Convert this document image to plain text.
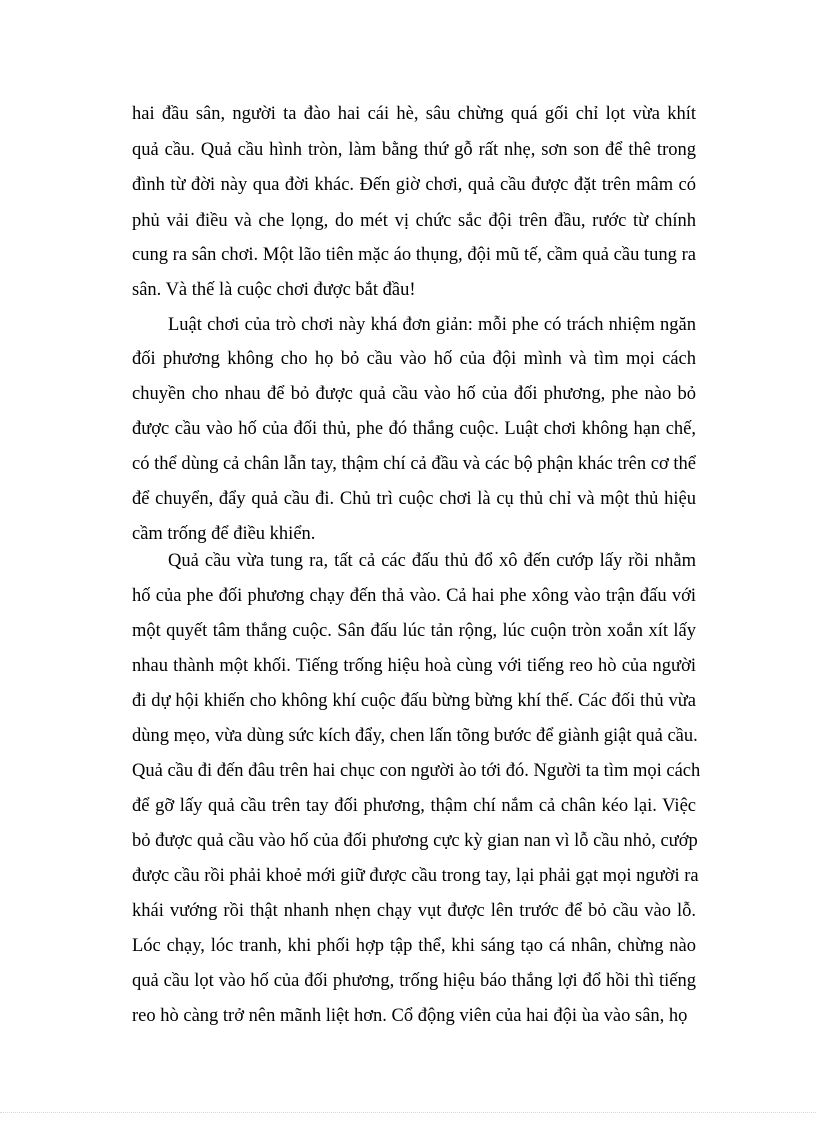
hai đầu sân, người ta đào hai cái hè, sâu chừng quá gối chỉ lọt vừa khít
quả cầu. Quả cầu hình tròn, làm bằng thứ gỗ rất nhẹ, sơn son để thê trong
đình từ đời này qua đời khác. Đến giờ chơi, quả cầu được đặt trên mâm có
phủ vải điều và che lọng, do mét vị chức sắc đội trên đầu, rước từ chính
cung ra sân chơi. Một lão tiên mặc áo thụng, đội mũ tế, cầm quả cầu tung ra
sân. Và thế là cuộc chơi được bắt đầu!
Luật chơi của trò chơi này khá đơn giản: mỗi phe có trách nhiệm ngăn
đối phương không cho họ bỏ cầu vào hố của đội mình và tìm mọi cách
chuyền cho nhau để bỏ được quả cầu vào hố của đối phương, phe nào bỏ
được cầu vào hố của đối thủ, phe đó thắng cuộc. Luật chơi không hạn chế,
có thể dùng cả chân lẫn tay, thậm chí cả đầu và các bộ phận khác trên cơ thể
để chuyển, đẩy quả cầu đi. Chủ trì cuộc chơi là cụ thủ chỉ và một thủ hiệu
cầm trống để điều khiển.
Quả cầu vừa tung ra, tất cả các đấu thủ đổ xô đến cướp lấy rồi nhằm
hố của phe đối phương chạy đến thả vào. Cả hai phe xông vào trận đấu với
một quyết tâm thắng cuộc. Sân đấu lúc tản rộng, lúc cuộn tròn xoắn xít lấy
nhau thành một khối. Tiếng trống hiệu hoà cùng với tiếng reo hò của người
đi dự hội khiến cho không khí cuộc đấu bừng bừng khí thế. Các đối thủ vừa
dùng mẹo, vừa dùng sức kích đẩy, chen lấn tõng bước để giành giật quả cầu.
Quả cầu đi đến đâu trên hai chục con người ào tới đó. Người ta tìm mọi cách
để gỡ lấy quả cầu trên tay đối phương, thậm chí nắm cả chân kéo lại. Việc
bỏ được quả cầu vào hố của đối phương cực kỳ gian nan vì lỗ cầu nhỏ, cướp
được cầu rồi phải khoẻ mới giữ được cầu trong tay, lại phải gạt mọi người ra
khái vướng rồi thật nhanh nhẹn chạy vụt được lên trước để bỏ cầu vào lỗ.
Lóc chạy, lóc tranh, khi phối hợp tập thể, khi sáng tạo cá nhân, chừng nào
quả cầu lọt vào hố của đối phương, trống hiệu báo thắng lợi đổ hồi thì tiếng
reo hò càng trở nên mãnh liệt hơn. Cổ động viên của hai đội ùa vào sân, họ
